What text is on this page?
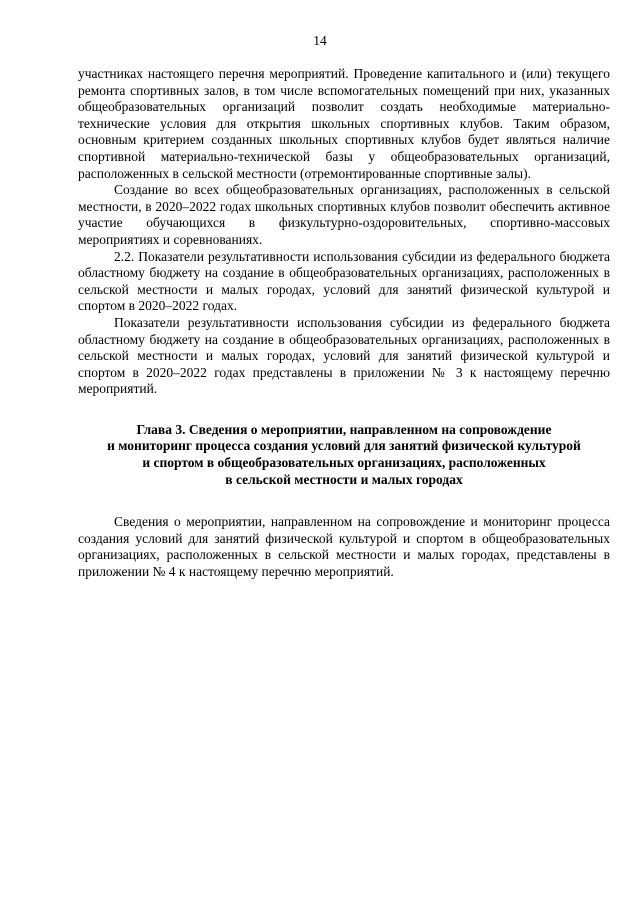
14

участниках настоящего перечня мероприятий. Проведение капитального и (или) текущего ремонта спортивных залов, в том числе вспомогательных помещений при них, указанных общеобразовательных организаций позволит создать необходимые материально-технические условия для открытия школьных спортивных клубов. Таким образом, основным критерием созданных школьных спортивных клубов будет являться наличие спортивной материально-технической базы у общеобразовательных организаций, расположенных в сельской местности (отремонтированные спортивные залы).

Создание во всех общеобразовательных организациях, расположенных в сельской местности, в 2020–2022 годах школьных спортивных клубов позволит обеспечить активное участие обучающихся в физкультурно-оздоровительных, спортивно-массовых мероприятиях и соревнованиях.

2.2. Показатели результативности использования субсидии из федерального бюджета областному бюджету на создание в общеобразовательных организациях, расположенных в сельской местности и малых городах, условий для занятий физической культурой и спортом в 2020–2022 годах.

Показатели результативности использования субсидии из федерального бюджета областному бюджету на создание в общеобразовательных организациях, расположенных в сельской местности и малых городах, условий для занятий физической культурой и спортом в 2020–2022 годах представлены в приложении № 3 к настоящему перечню мероприятий.

Глава 3. Сведения о мероприятии, направленном на сопровождение
и мониторинг процесса создания условий для занятий физической культурой
и спортом в общеобразовательных организациях, расположенных
в сельской местности и малых городах

Сведения о мероприятии, направленном на сопровождение и мониторинг процесса создания условий для занятий физической культурой и спортом в общеобразовательных организациях, расположенных в сельской местности и малых городах, представлены в приложении № 4 к настоящему перечню мероприятий.
